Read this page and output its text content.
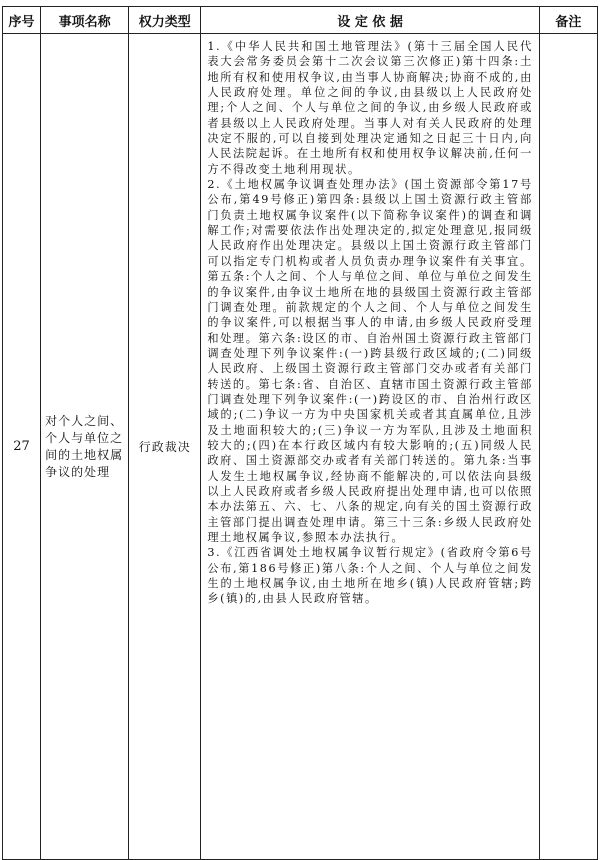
序号	事项名称	权力类型	设 定 依 据	备注
27	对个人之间、个人与单位之间的土地权属争议的处理	行政裁决	1.《中华人民共和国土地管理法》(第十三届全国人民代表大会常务委员会第十二次会议第三次修正)第十四条:土地所有权和使用权争议,由当事人协商解决;协商不成的,由人民政府处理。单位之间的争议,由县级以上人民政府处理;个人之间、个人与单位之间的争议,由乡级人民政府或者县级以上人民政府处理。当事人对有关人民政府的处理决定不服的,可以自接到处理决定通知之日起三十日内,向人民法院起诉。在土地所有权和使用权争议解决前,任何一方不得改变土地利用现状。

2.《土地权属争议调查处理办法》(国土资源部令第17号公布,第49号修正)第四条:县级以上国土资源行政主管部门负责土地权属争议案件(以下简称争议案件)的调查和调解工作;对需要依法作出处理决定的,拟定处理意见,报同级人民政府作出处理决定。县级以上国土资源行政主管部门可以指定专门机构或者人员负责办理争议案件有关事宜。第五条:个人之间、个人与单位之间、单位与单位之间发生的争议案件,由争议土地所在地的县级国土资源行政主管部门调查处理。前款规定的个人之间、个人与单位之间发生的争议案件,可以根据当事人的申请,由乡级人民政府受理和处理。第六条:设区的市、自治州国土资源行政主管部门调查处理下列争议案件:(一)跨县级行政区域的;(二)同级人民政府、上级国土资源行政主管部门交办或者有关部门转送的。第七条:省、自治区、直辖市国土资源行政主管部门调查处理下列争议案件:(一)跨设区的市、自治州行政区域的;(二)争议一方为中央国家机关或者其直属单位,且涉及土地面积较大的;(三)争议一方为军队,且涉及土地面积较大的;(四)在本行政区域内有较大影响的;(五)同级人民政府、国土资源部交办或者有关部门转送的。第九条:当事人发生土地权属争议,经协商不能解决的,可以依法向县级以上人民政府或者乡级人民政府提出处理申请,也可以依照本办法第五、六、七、八条的规定,向有关的国土资源行政主管部门提出调查处理申请。第三十三条:乡级人民政府处理土地权属争议,参照本办法执行。

3.《江西省调处土地权属争议暂行规定》(省政府令第6号公布,第186号修正)第八条:个人之间、个人与单位之间发生的土地权属争议,由土地所在地乡(镇)人民政府管辖;跨乡(镇)的,由县人民政府管辖。	
